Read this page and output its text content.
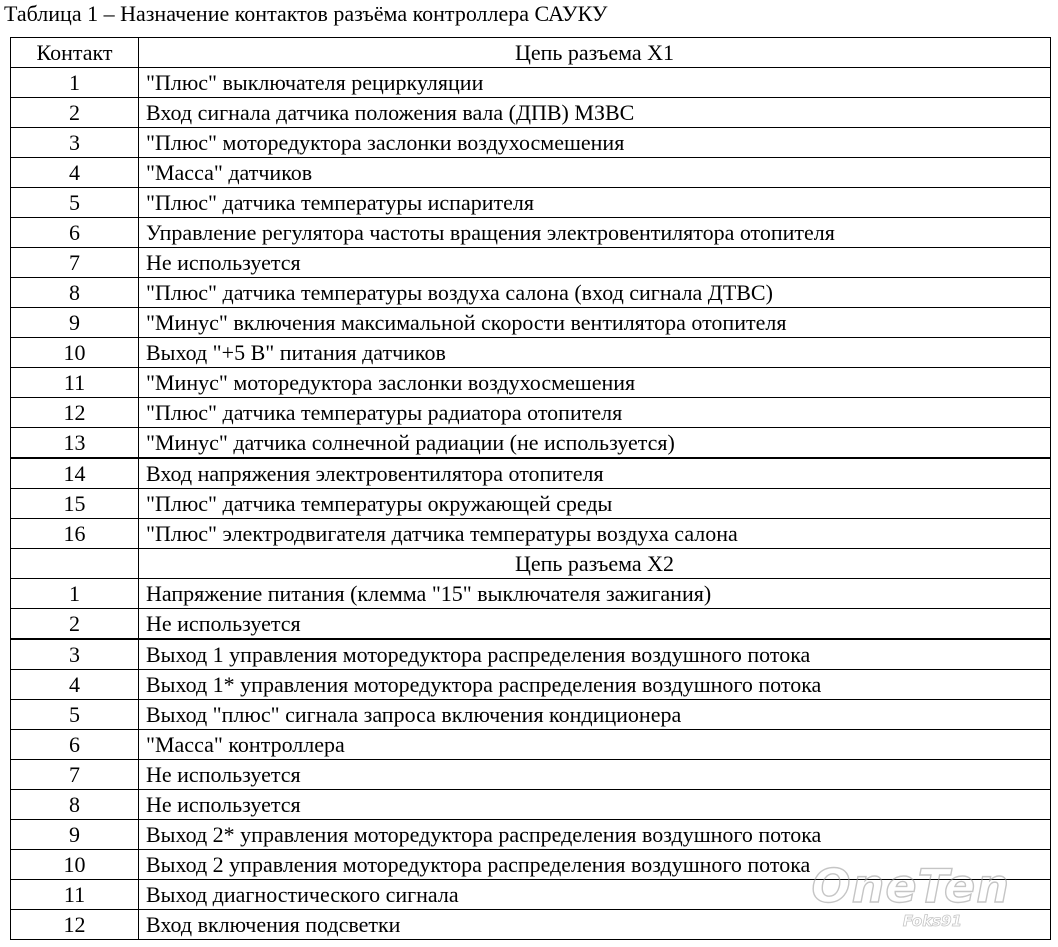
Таблица 1 – Назначение контактов разъёма контроллера САУКУ
Контакт	Цепь разъема Х1
1	"Плюс" выключателя рециркуляции
2	Вход сигнала датчика положения вала (ДПВ) МЗВС
3	"Плюс" моторедуктора заслонки воздухосмешения
4	"Масса" датчиков
5	"Плюс" датчика температуры испарителя
6	Управление регулятора частоты вращения электровентилятора отопителя
7	Не используется
8	"Плюс" датчика температуры воздуха салона (вход сигнала ДТВС)
9	"Минус" включения максимальной скорости вентилятора отопителя
10	Выход "+5 В" питания датчиков
11	"Минус" моторедуктора заслонки воздухосмешения
12	"Плюс" датчика температуры радиатора отопителя
13	"Минус" датчика солнечной радиации (не используется)
14	Вход напряжения электровентилятора отопителя
15	"Плюс" датчика температуры окружающей среды
16	"Плюс" электродвигателя датчика температуры воздуха салона
	Цепь разъема Х2
1	Напряжение питания (клемма "15" выключателя зажигания)
2	Не используется
3	Выход 1 управления моторедуктора распределения воздушного потока
4	Выход 1* управления моторедуктора распределения воздушного потока
5	Выход "плюс" сигнала запроса включения кондиционера
6	"Масса" контроллера
7	Не используется
8	Не используется
9	Выход 2* управления моторедуктора распределения воздушного потока
10	Выход 2 управления моторедуктора распределения воздушного потока
11	Выход диагностического сигнала
12	Вход включения подсветки
OneTen
Foks91
